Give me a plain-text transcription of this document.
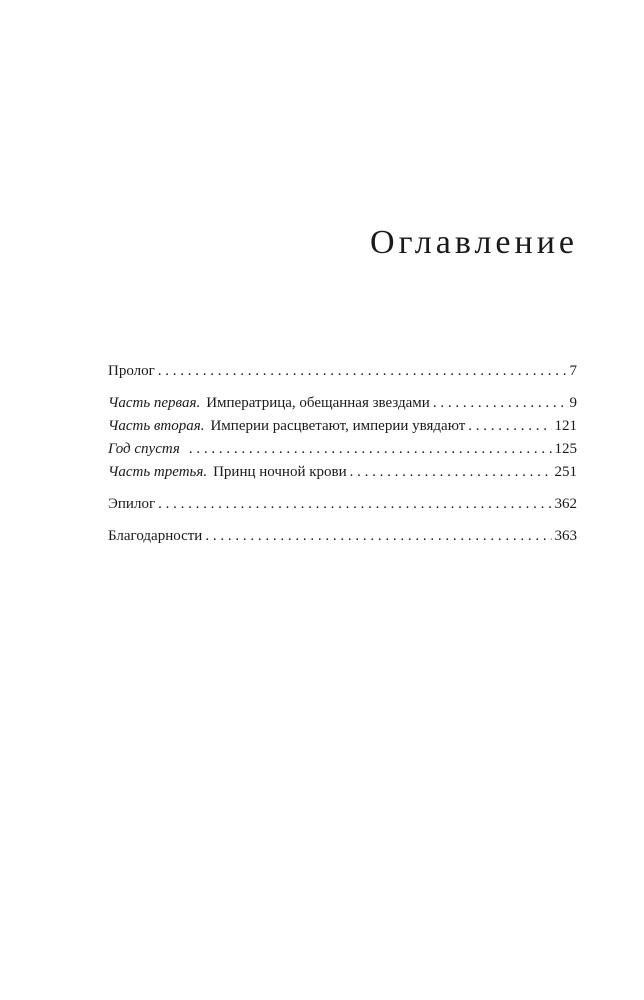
Оглавление
Пролог . . .	7
Часть первая. Императрица, обещанная звездами . . .	9
Часть вторая. Империи расцветают, империи увядают . . .	121
Год спустя . . .	125
Часть третья. Принц ночной крови . . .	251
Эпилог . . .	362
Благодарности . . .	363
